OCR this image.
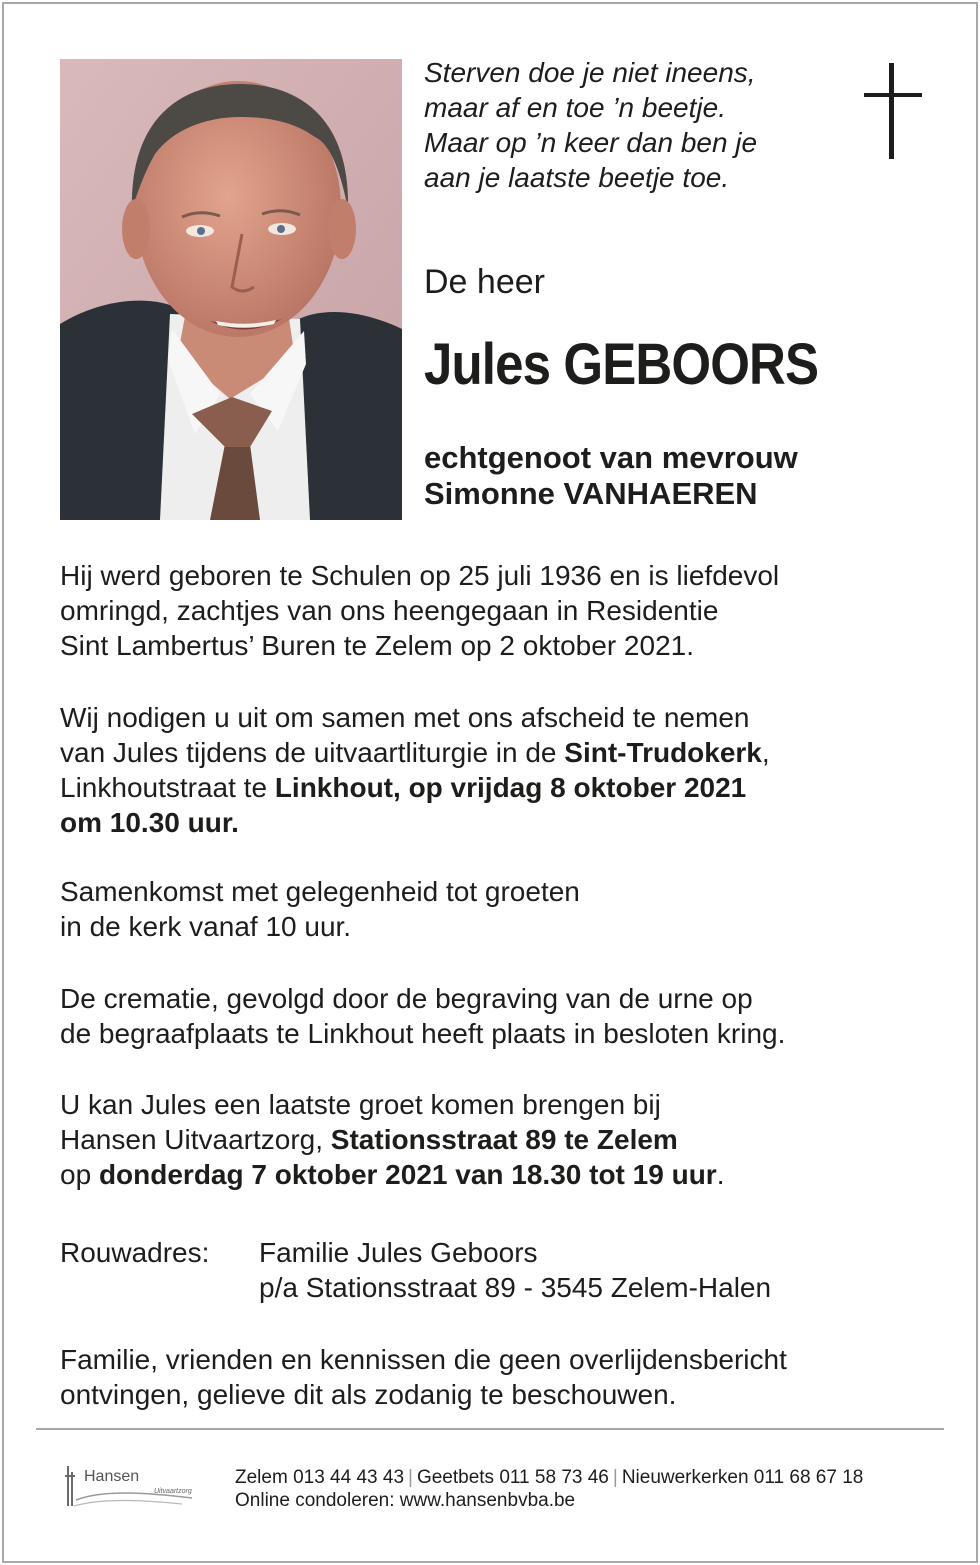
Sterven doe je niet ineens,
maar af en toe ’n beetje.
Maar op ’n keer dan ben je
aan je laatste beetje toe.
De heer
Jules GEBOORS
echtgenoot van mevrouw
Simonne VANHAEREN
Hij werd geboren te Schulen op 25 juli 1936 en is liefdevol
omringd, zachtjes van ons heengegaan in Residentie
Sint Lambertus’ Buren te Zelem op 2 oktober 2021.
Wij nodigen u uit om samen met ons afscheid te nemen
van Jules tijdens de uitvaartliturgie in de Sint-Trudokerk,
Linkhoutstraat te Linkhout, op vrijdag 8 oktober 2021
om 10.30 uur.
Samenkomst met gelegenheid tot groeten
in de kerk vanaf 10 uur.
De crematie, gevolgd door de begraving van de urne op
de begraafplaats te Linkhout heeft plaats in besloten kring.
U kan Jules een laatste groet komen brengen bij
Hansen Uitvaartzorg, Stationsstraat 89 te Zelem
op donderdag 7 oktober 2021 van 18.30 tot 19 uur.
Rouwadres: Familie Jules Geboors
p/a Stationsstraat 89 - 3545 Zelem-Halen
Familie, vrienden en kennissen die geen overlijdensbericht
ontvingen, gelieve dit als zodanig te beschouwen.
Hansen
Uitvaartzorg
Zelem 013 44 43 43 | Geetbets 011 58 73 46 | Nieuwerkerken 011 68 67 18
Online condoleren: www.hansenbvba.be
